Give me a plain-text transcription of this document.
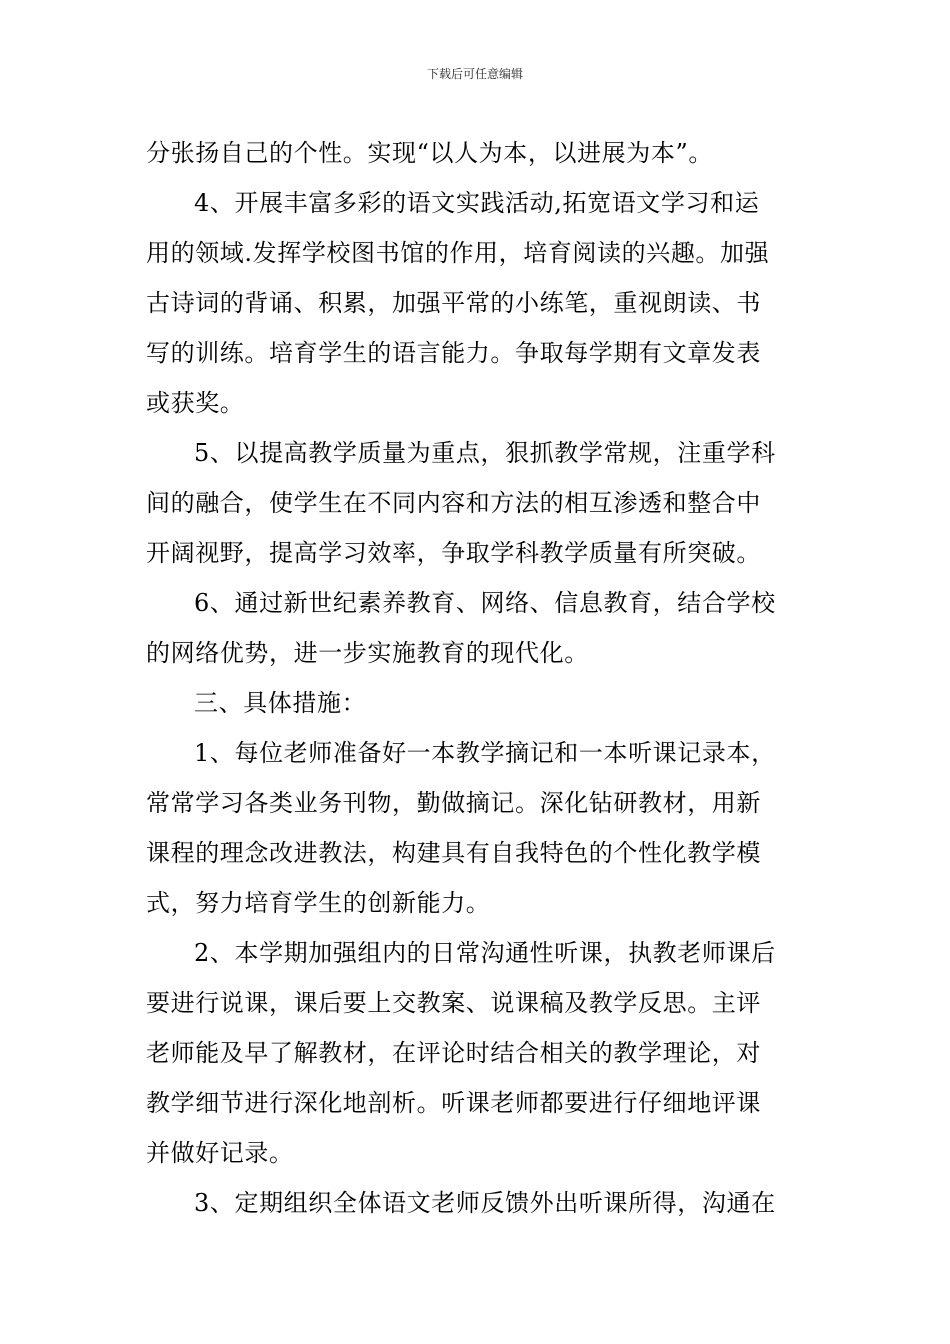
下载后可任意编辑
分张扬自己的个性。实现“以人为本，以进展为本”。
4、开展丰富多彩的语文实践活动,拓宽语文学习和运
用的领域.发挥学校图书馆的作用，培育阅读的兴趣。加强
古诗词的背诵、积累，加强平常的小练笔，重视朗读、书
写的训练。培育学生的语言能力。争取每学期有文章发表
或获奖。
5、以提高教学质量为重点，狠抓教学常规，注重学科
间的融合，使学生在不同内容和方法的相互渗透和整合中
开阔视野，提高学习效率，争取学科教学质量有所突破。
6、通过新世纪素养教育、网络、信息教育，结合学校
的网络优势，进一步实施教育的现代化。
三、具体措施：
1、每位老师准备好一本教学摘记和一本听课记录本，
常常学习各类业务刊物，勤做摘记。深化钻研教材，用新
课程的理念改进教法，构建具有自我特色的个性化教学模
式，努力培育学生的创新能力。
2、本学期加强组内的日常沟通性听课，执教老师课后
要进行说课，课后要上交教案、说课稿及教学反思。主评
老师能及早了解教材，在评论时结合相关的教学理论，对
教学细节进行深化地剖析。听课老师都要进行仔细地评课
并做好记录。
3、定期组织全体语文老师反馈外出听课所得，沟通在
